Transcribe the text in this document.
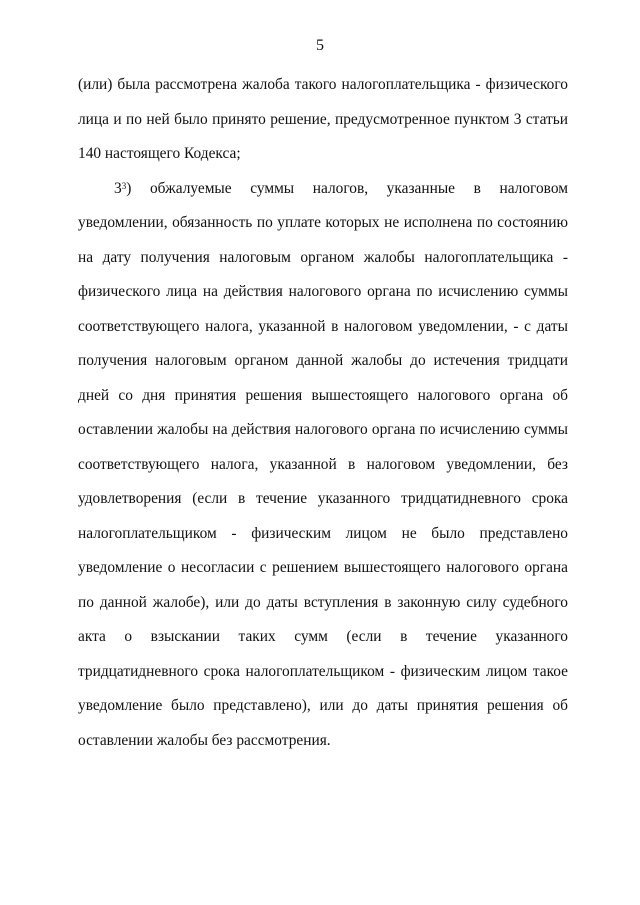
5

(или) была рассмотрена жалоба такого налогоплательщика - физического лица и по ней было принято решение, предусмотренное пунктом 3 статьи 140 настоящего Кодекса;

$3^3$) обжалуемые суммы налогов, указанные в налоговом уведомлении, обязанность по уплате которых не исполнена по состоянию на дату получения налоговым органом жалобы налогоплательщика - физического лица на действия налогового органа по исчислению суммы соответствующего налога, указанной в налоговом уведомлении, - с даты получения налоговым органом данной жалобы до истечения тридцати дней со дня принятия решения вышестоящего налогового органа об оставлении жалобы на действия налогового органа по исчислению суммы соответствующего налога, указанной в налоговом уведомлении, без удовлетворения (если в течение указанного тридцатидневного срока налогоплательщиком - физическим лицом не было представлено уведомление о несогласии с решением вышестоящего налогового органа по данной жалобе), или до даты вступления в законную силу судебного акта о взыскании таких сумм (если в течение указанного тридцатидневного срока налогоплательщиком - физическим лицом такое уведомление было представлено), или до даты принятия решения об оставлении жалобы без рассмотрения.
